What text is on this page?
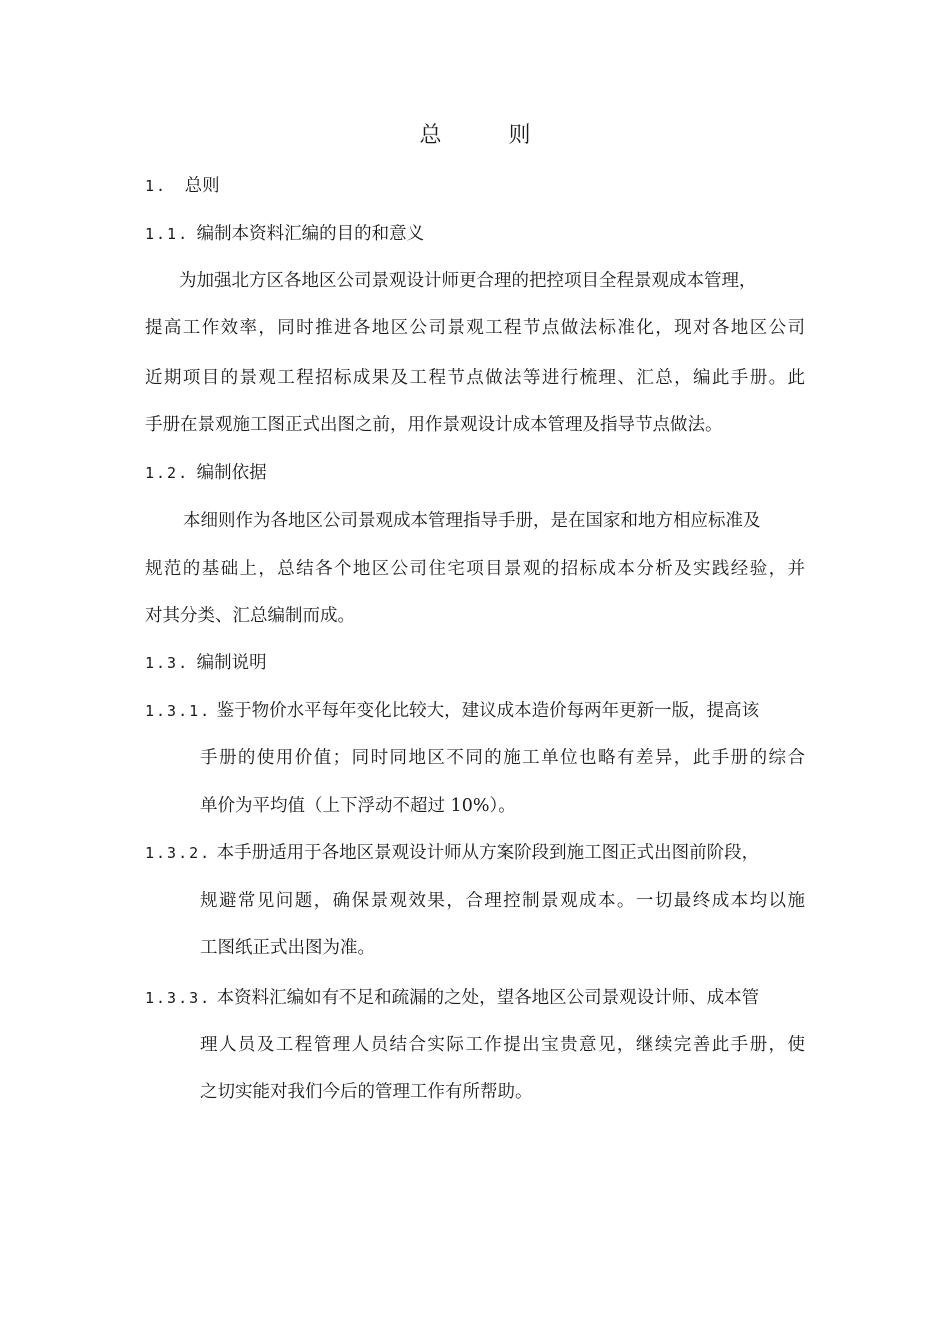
总 则
1. 总则
1.1. 编制本资料汇编的目的和意义
为加强北方区各地区公司景观设计师更合理的把控项目全程景观成本管理，
提高工作效率，同时推进各地区公司景观工程节点做法标准化，现对各地区公司
近期项目的景观工程招标成果及工程节点做法等进行梳理、汇总，编此手册。此
手册在景观施工图正式出图之前，用作景观设计成本管理及指导节点做法。
1.2. 编制依据
本细则作为各地区公司景观成本管理指导手册，是在国家和地方相应标准及
规范的基础上，总结各个地区公司住宅项目景观的招标成本分析及实践经验，并
对其分类、汇总编制而成。
1.3. 编制说明
1.3.1. 鉴于物价水平每年变化比较大，建议成本造价每两年更新一版，提高该
手册的使用价值；同时同地区不同的施工单位也略有差异，此手册的综合
单价为平均值（上下浮动不超过 10%）。
1.3.2. 本手册适用于各地区景观设计师从方案阶段到施工图正式出图前阶段，
规避常见问题，确保景观效果，合理控制景观成本。一切最终成本均以施
工图纸正式出图为准。
1.3.3. 本资料汇编如有不足和疏漏的之处，望各地区公司景观设计师、成本管
理人员及工程管理人员结合实际工作提出宝贵意见，继续完善此手册，使
之切实能对我们今后的管理工作有所帮助。
